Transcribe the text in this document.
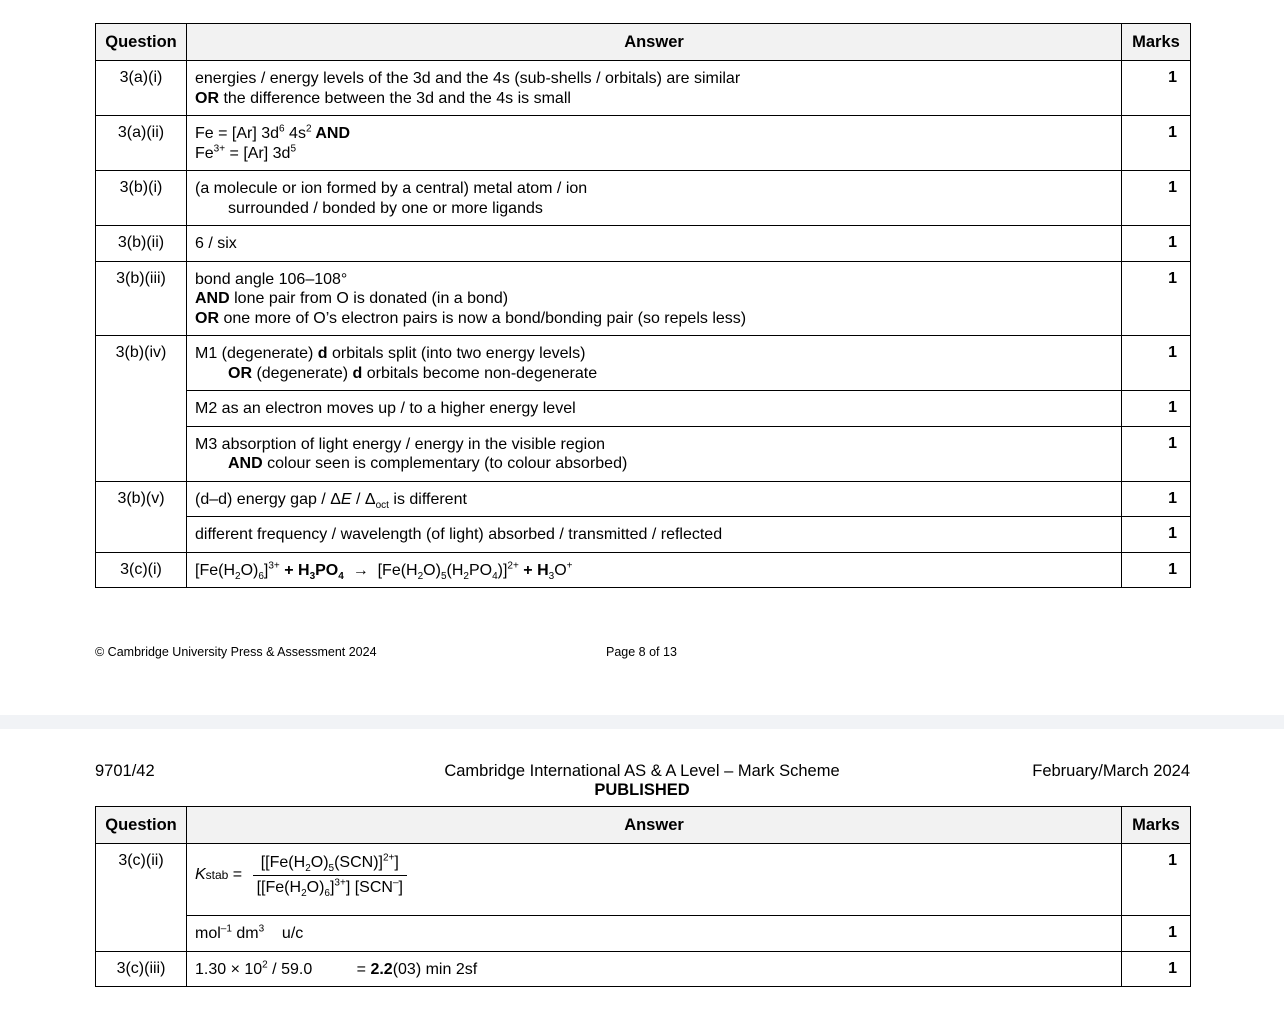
Question	Answer	Marks
3(a)(i)	energies / energy levels of the 3d and the 4s (sub-shells / orbitals) are similar
OR the difference between the 3d and the 4s is small	1
3(a)(ii)	Fe = [Ar] $3d^6$ $4s^2$ AND
$Fe^{3+} = [Ar]$ $3d^5$	1
3(b)(i)	(a molecule or ion formed by a central) metal atom / ion
surrounded / bonded by one or more ligands	1
3(b)(ii)	6 / six	1
3(b)(iii)	bond angle 106–108°
AND lone pair from O is donated (in a bond)
OR one more of O’s electron pairs is now a bond/bonding pair (so repels less)	1
3(b)(iv)	M1 (degenerate) d orbitals split (into two energy levels)
OR (degenerate) d orbitals become non-degenerate	1

	M2 as an electron moves up / to a higher energy level	1

	M3 absorption of light energy / energy in the visible region
AND colour seen is complementary (to colour absorbed)	1
3(b)(v)	(d–d) energy gap / ΔE / $\Delta_{oct}$ is different	1

	different frequency / wavelength (of light) absorbed / transmitted / reflected	1
3(c)(i)	$[Fe(H_2O)_6]^{3+} + H_3PO_4 \to [Fe(H_2O)_5(H_2PO_4)]^{2+} + H_3O^+$	1
© Cambridge University Press & Assessment 2024	Page 8 of 13
9701/42	Cambridge International AS & A Level – Mark Scheme
PUBLISHED
February/March 2024
Question	Answer	Marks
3(c)(ii)	Kstab = $\frac{[[Fe(H_2O)_5(SCN)]^{2+}]}{[[Fe(H_2O)_6]^{3+}] [SCN^-]}$	1
	mol$^{-1}$ $dm^3$    u/c	1
3(c)(iii)	$1.30 \times 10^2 / 59.0$          = 2.2(03) min 2sf	1
